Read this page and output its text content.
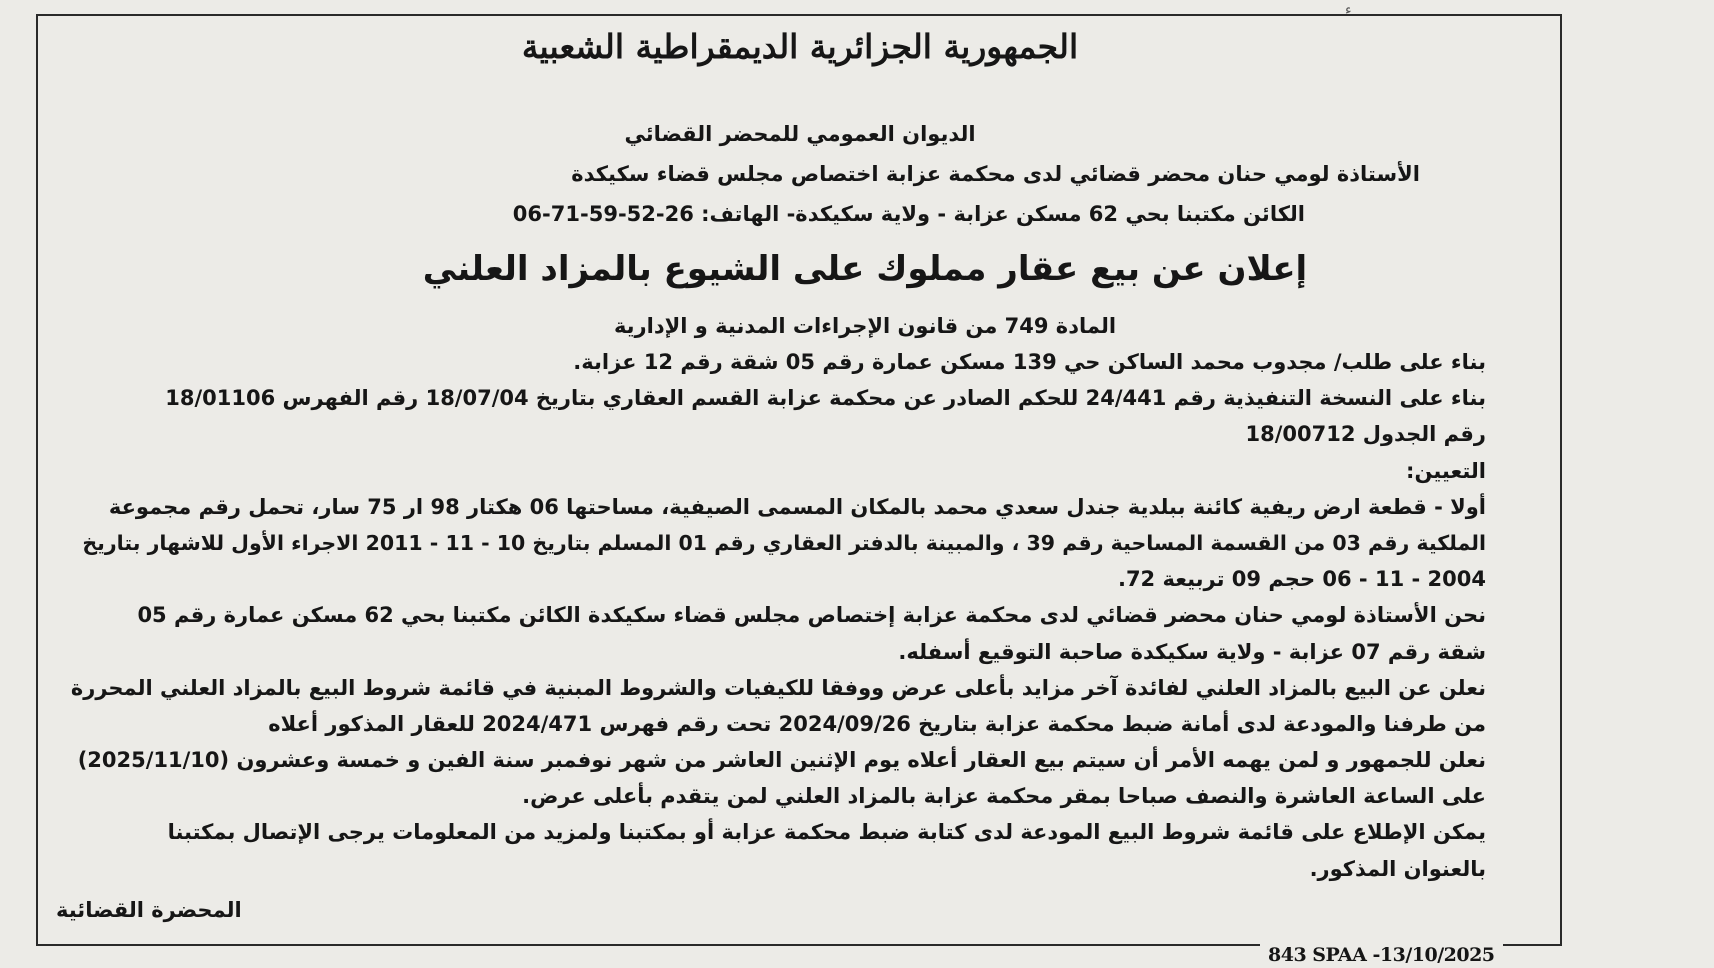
ء
الجمهورية الجزائرية الديمقراطية الشعبية
الديوان العمومي للمحضر القضائي
الأستاذة لومي حنان محضر قضائي لدى محكمة عزابة اختصاص مجلس قضاء سكيكدة
الكائن مكتبنا بحي 62 مسكن عزابة - ولاية سكيكدة- الهاتف: 26-52-59-71-06
إعلان عن بيع عقار مملوك على الشيوع بالمزاد العلني
المادة 749 من قانون الإجراءات المدنية و الإدارية
بناء على طلب/ مجدوب محمد الساكن حي 139 مسكن عمارة رقم 05 شقة رقم 12 عزابة.
بناء على النسخة التنفيذية رقم 24/441 للحكم الصادر عن محكمة عزابة القسم العقاري بتاريخ 18/07/04 رقم الفهرس 18/01106
رقم الجدول 18/00712
التعيين:
أولا - قطعة ارض ريفية كائنة ببلدية جندل سعدي محمد بالمكان المسمى الصيفية، مساحتها 06 هكتار 98 ار 75 سار، تحمل رقم مجموعة
الملكية رقم 03 من القسمة المساحية رقم 39 ، والمبينة بالدفتر العقاري رقم 01 المسلم بتاريخ 10 - 11 - 2011 الاجراء الأول للاشهار بتاريخ
2004 - 11 - 06 حجم 09 تربيعة 72.
نحن الأستاذة لومي حنان محضر قضائي لدى محكمة عزابة إختصاص مجلس قضاء سكيكدة الكائن مكتبنا بحي 62 مسكن عمارة رقم 05
شقة رقم 07 عزابة - ولاية سكيكدة صاحبة التوقيع أسفله.
نعلن عن البيع بالمزاد العلني لفائدة آخر مزايد بأعلى عرض ووفقا للكيفيات والشروط المبنية في قائمة شروط البيع بالمزاد العلني المحررة
من طرفنا والمودعة لدى أمانة ضبط محكمة عزابة بتاريخ 2024/09/26 تحت رقم فهرس 2024/471 للعقار المذكور أعلاه
نعلن للجمهور و لمن يهمه الأمر أن سيتم بيع العقار أعلاه يوم الإثنين العاشر من شهر نوفمبر سنة الفين و خمسة وعشرون (2025/11/10)
على الساعة العاشرة والنصف صباحا بمقر محكمة عزابة بالمزاد العلني لمن يتقدم بأعلى عرض.
يمكن الإطلاع على قائمة شروط البيع المودعة لدى كتابة ضبط محكمة عزابة أو بمكتبنا ولمزيد من المعلومات يرجى الإتصال بمكتبنا
بالعنوان المذكور.
المحضرة القضائية
843 SPAA -13/10/2025
